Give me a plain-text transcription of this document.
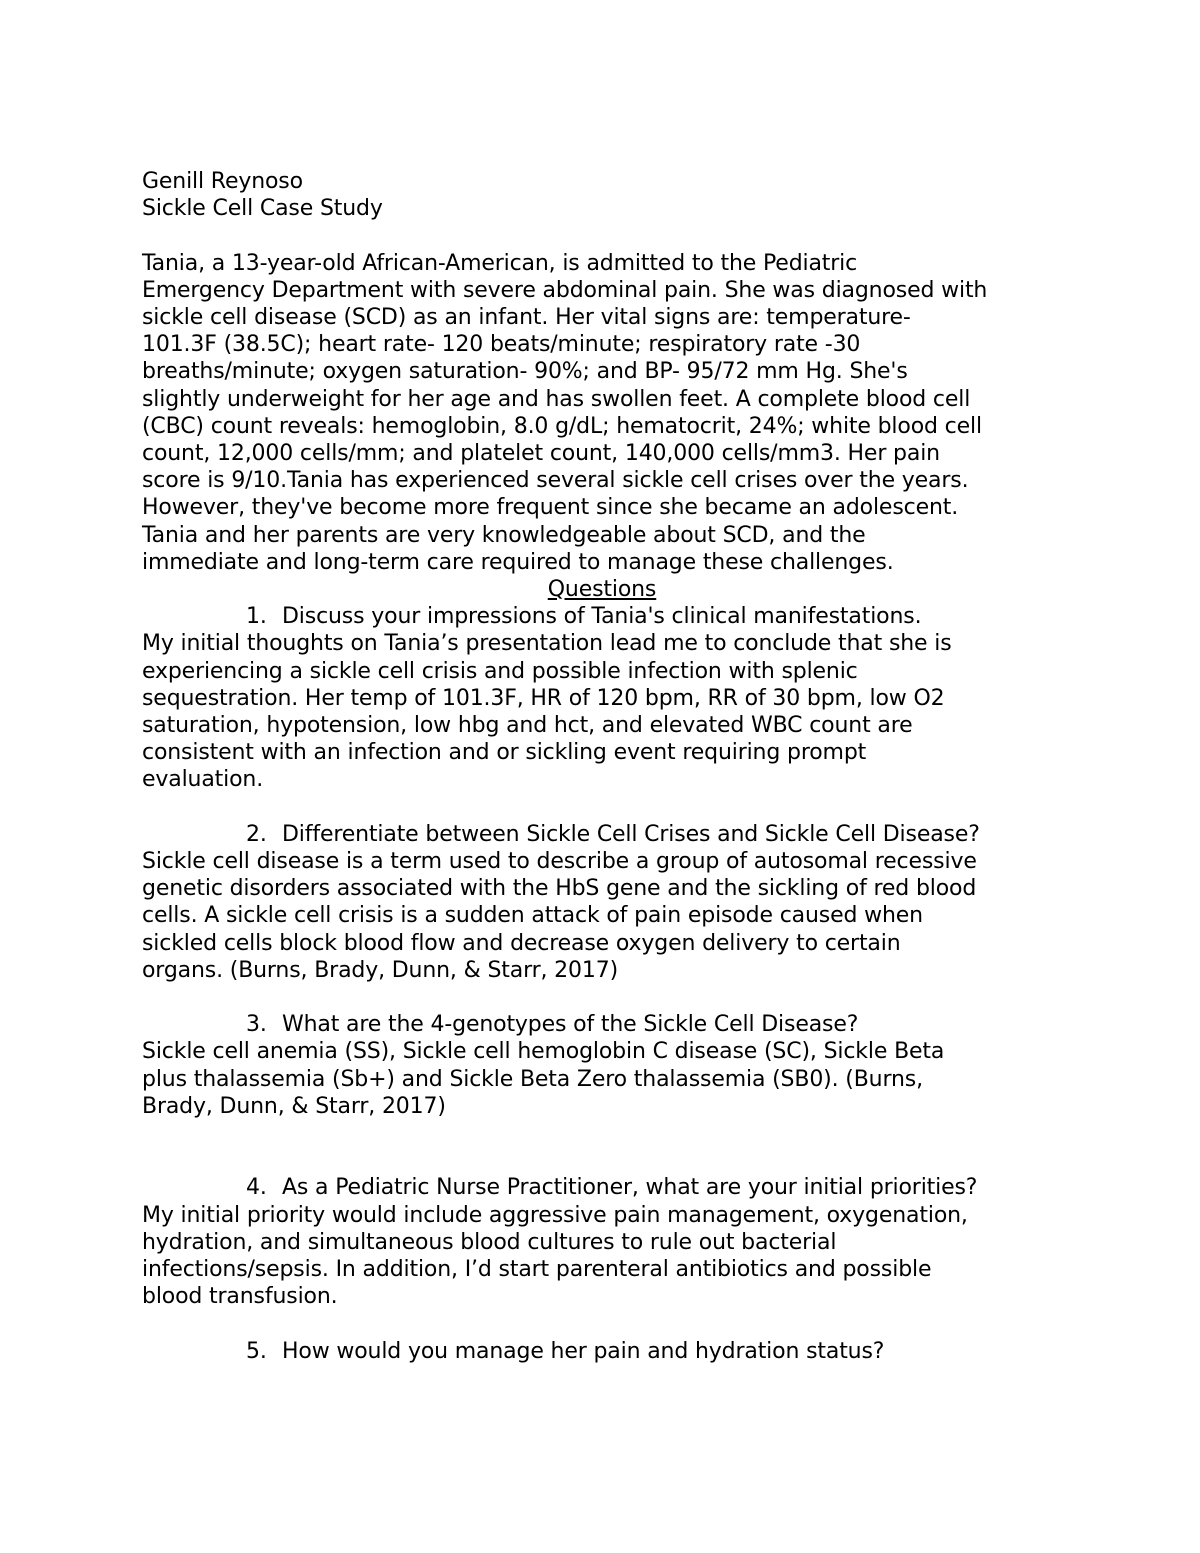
Genill Reynoso
Sickle Cell Case Study
Tania, a 13-year-old African-American, is admitted to the Pediatric
Emergency Department with severe abdominal pain. She was diagnosed with
sickle cell disease (SCD) as an infant. Her vital signs are: temperature-
101.3F (38.5C); heart rate- 120 beats/minute; respiratory rate -30
breaths/minute; oxygen saturation- 90%; and BP- 95/72 mm Hg. She's
slightly underweight for her age and has swollen feet. A complete blood cell
(CBC) count reveals: hemoglobin, 8.0 g/dL; hematocrit, 24%; white blood cell
count, 12,000 cells/mm; and platelet count, 140,000 cells/mm3. Her pain
score is 9/10.Tania has experienced several sickle cell crises over the years.
However, they've become more frequent since she became an adolescent.
Tania and her parents are very knowledgeable about SCD, and the
immediate and long-term care required to manage these challenges.
Questions
1. Discuss your impressions of Tania's clinical manifestations.
My initial thoughts on Tania’s presentation lead me to conclude that she is
experiencing a sickle cell crisis and possible infection with splenic
sequestration. Her temp of 101.3F, HR of 120 bpm, RR of 30 bpm, low O2
saturation, hypotension, low hbg and hct, and elevated WBC count are
consistent with an infection and or sickling event requiring prompt
evaluation.
2. Differentiate between Sickle Cell Crises and Sickle Cell Disease?
Sickle cell disease is a term used to describe a group of autosomal recessive
genetic disorders associated with the HbS gene and the sickling of red blood
cells. A sickle cell crisis is a sudden attack of pain episode caused when
sickled cells block blood flow and decrease oxygen delivery to certain
organs. (Burns, Brady, Dunn, & Starr, 2017)
3. What are the 4-genotypes of the Sickle Cell Disease?
Sickle cell anemia (SS), Sickle cell hemoglobin C disease (SC), Sickle Beta
plus thalassemia (Sb+) and Sickle Beta Zero thalassemia (SB0). (Burns,
Brady, Dunn, & Starr, 2017)
4. As a Pediatric Nurse Practitioner, what are your initial priorities?
My initial priority would include aggressive pain management, oxygenation,
hydration, and simultaneous blood cultures to rule out bacterial
infections/sepsis. In addition, I’d start parenteral antibiotics and possible
blood transfusion.
5. How would you manage her pain and hydration status?
